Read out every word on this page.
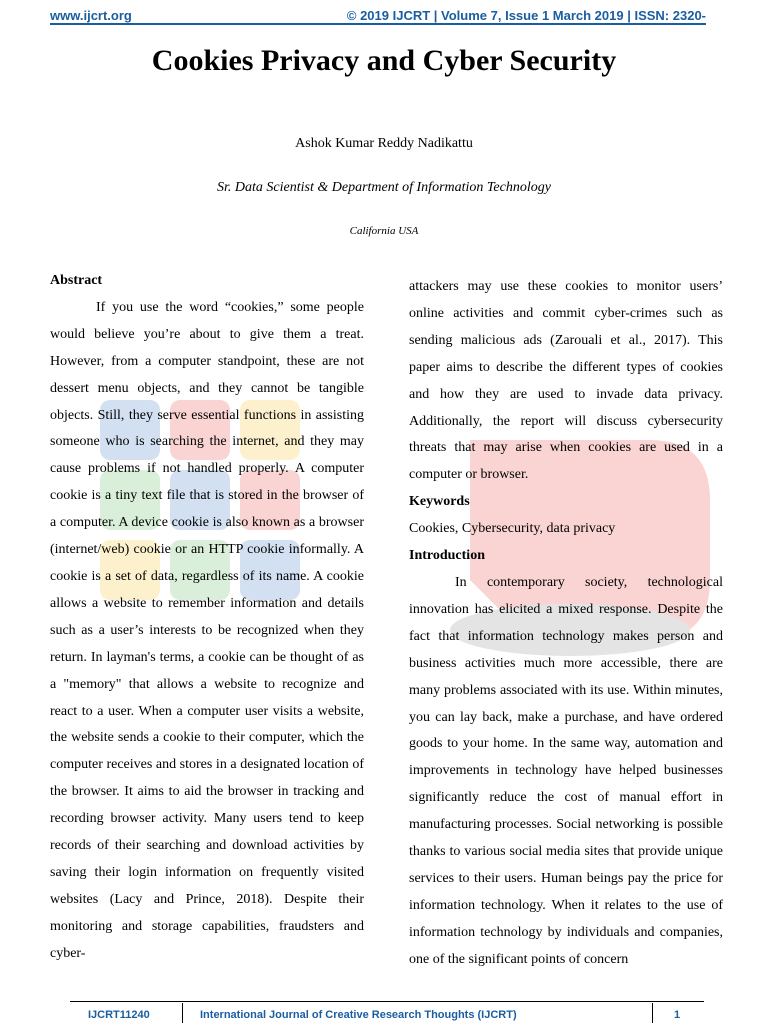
www.ijcrt.org	© 2019 IJCRT | Volume 7, Issue 1 March 2019 | ISSN: 2320-
Cookies Privacy and Cyber Security
Ashok Kumar Reddy Nadikattu
Sr. Data Scientist & Department of Information Technology
California USA

Abstract

If you use the word “cookies,” some people would believe you’re about to give them a treat. However, from a computer standpoint, these are not dessert menu objects, and they cannot be tangible objects. Still, they serve essential functions in assisting someone who is searching the internet, and they may cause problems if not handled properly. A computer cookie is a tiny text file that is stored in the browser of a computer. A device cookie is also known as a browser (internet/web) cookie or an HTTP cookie informally. A cookie is a set of data, regardless of its name. A cookie allows a website to remember information and details such as a user’s interests to be recognized when they return. In layman's terms, a cookie can be thought of as a "memory" that allows a website to recognize and react to a user. When a computer user visits a website, the website sends a cookie to their computer, which the computer receives and stores in a designated location of the browser. It aims to aid the browser in tracking and recording browser activity. Many users tend to keep records of their searching and download activities by saving their login information on frequently visited websites (Lacy and Prince, 2018). Despite their monitoring and storage capabilities, fraudsters and cyber-

attackers may use these cookies to monitor users’ online activities and commit cyber-crimes such as sending malicious ads (Zarouali et al., 2017). This paper aims to describe the different types of cookies and how they are used to invade data privacy. Additionally, the report will discuss cybersecurity threats that may arise when cookies are used in a computer or browser.

Keywords

Cookies, Cybersecurity, data privacy

Introduction

In contemporary society, technological innovation has elicited a mixed response. Despite the fact that information technology makes person and business activities much more accessible, there are many problems associated with its use. Within minutes, you can lay back, make a purchase, and have ordered goods to your home. In the same way, automation and improvements in technology have helped businesses significantly reduce the cost of manual effort in manufacturing processes. Social networking is possible thanks to various social media sites that provide unique services to their users. Human beings pay the price for information technology. When it relates to the use of information technology by individuals and companies, one of the significant points of concern

IJCRT11240	International Journal of Creative Research Thoughts (IJCRT)	1
